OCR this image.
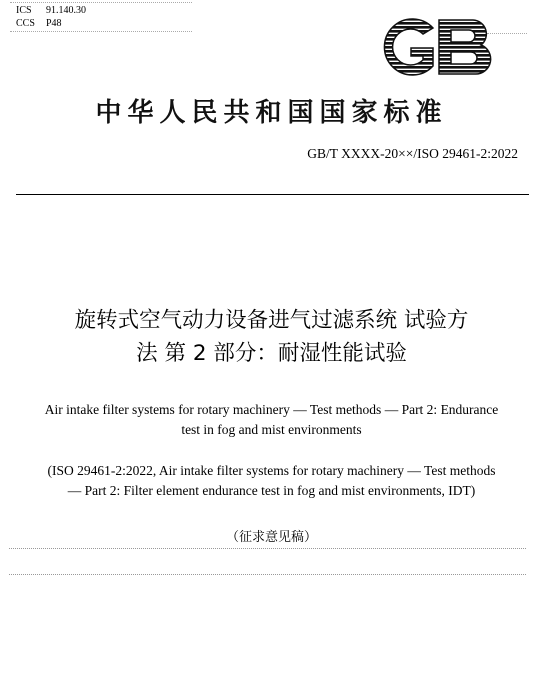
ICS 91.140.30
CCS P48
中华人民共和国国家标准
GB/T XXXX-20××/ISO 29461-2:2022
旋转式空气动力设备进气过滤系统 试验方
法 第 2 部分：耐湿性能试验
Air intake filter systems for rotary machinery — Test methods — Part 2: Endurance
test in fog and mist environments
(ISO 29461-2:2022, Air intake filter systems for rotary machinery — Test methods
— Part 2: Filter element endurance test in fog and mist environments, IDT)
（征求意见稿）
